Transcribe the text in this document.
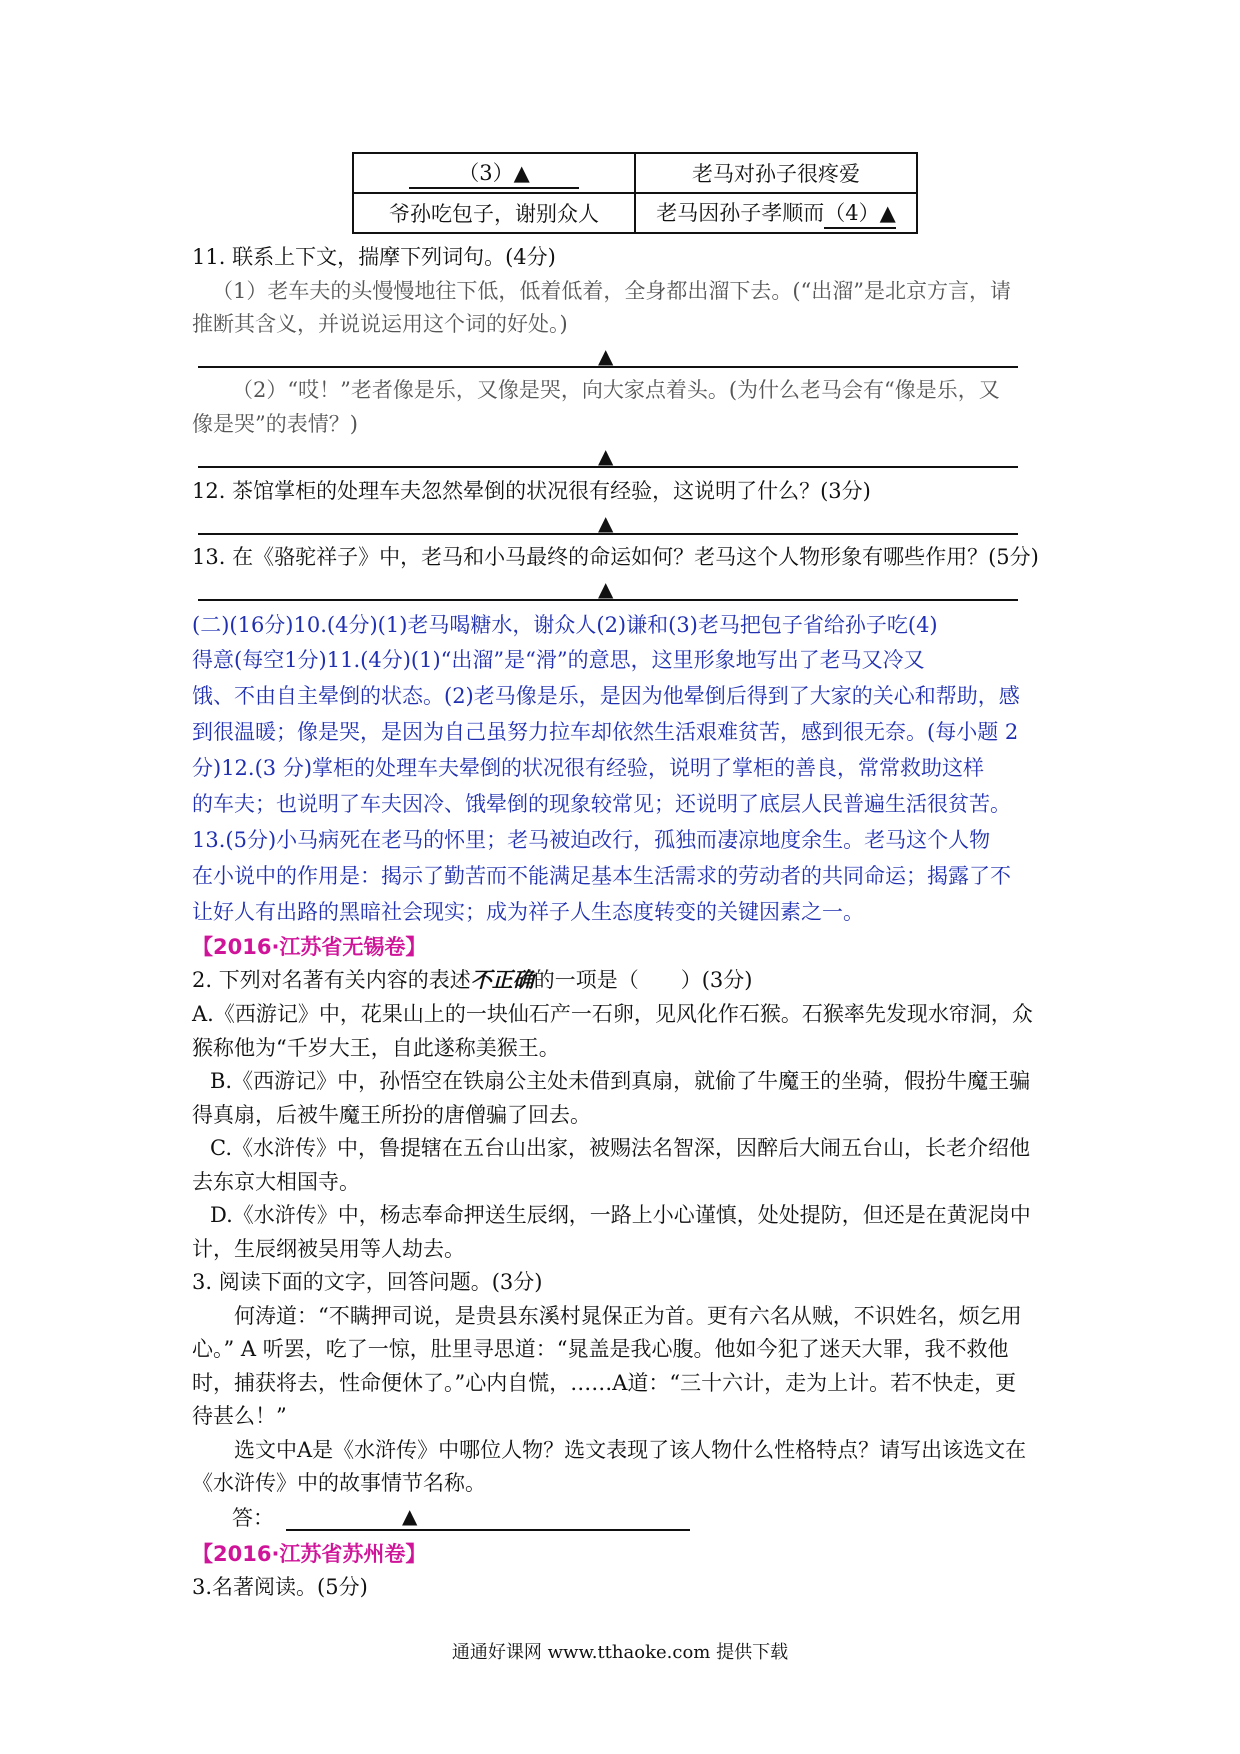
（3）▲	老马对孙子很疼爱
爷孙吃包子，谢别众人	老马因孙子孝顺而（4）▲
11. 联系上下文，揣摩下列词句。(4分)
（1）老车夫的头慢慢地往下低，低着低着，全身都出溜下去。(“出溜”是北京方言，请
推断其含义，并说说运用这个词的好处。)
▲
（2）“哎！”老者像是乐，又像是哭，向大家点着头。(为什么老马会有“像是乐，又
像是哭”的表情？)
▲
12. 茶馆掌柜的处理车夫忽然晕倒的状况很有经验，这说明了什么？(3分)
▲
13. 在《骆驼祥子》中，老马和小马最终的命运如何？老马这个人物形象有哪些作用？(5分)
▲
(二)(16分)10.(4分)(1)老马喝糖水，谢众人(2)谦和(3)老马把包子省给孙子吃(4)
得意(每空1分)11.(4分)(1)“出溜”是“滑”的意思，这里形象地写出了老马又冷又
饿、不由自主晕倒的状态。(2)老马像是乐，是因为他晕倒后得到了大家的关心和帮助，感
到很温暖；像是哭，是因为自己虽努力拉车却依然生活艰难贫苦，感到很无奈。(每小题 2
分)12.(3 分)掌柜的处理车夫晕倒的状况很有经验，说明了掌柜的善良，常常救助这样
的车夫；也说明了车夫因冷、饿晕倒的现象较常见；还说明了底层人民普遍生活很贫苦。
13.(5分)小马病死在老马的怀里；老马被迫改行，孤独而凄凉地度余生。老马这个人物
在小说中的作用是：揭示了勤苦而不能满足基本生活需求的劳动者的共同命运；揭露了不
让好人有出路的黑暗社会现实；成为祥子人生态度转变的关键因素之一。
【2016·江苏省无锡卷】
2. 下列对名著有关内容的表述不正确的一项是（　　）(3分)
A.《西游记》中，花果山上的一块仙石产一石卵，见风化作石猴。石猴率先发现水帘洞，众
猴称他为“千岁大王，自此遂称美猴王。
B.《西游记》中，孙悟空在铁扇公主处未借到真扇，就偷了牛魔王的坐骑，假扮牛魔王骗
得真扇，后被牛魔王所扮的唐僧骗了回去。
C.《水浒传》中，鲁提辖在五台山出家，被赐法名智深，因醉后大闹五台山，长老介绍他
去东京大相国寺。
D.《水浒传》中，杨志奉命押送生辰纲，一路上小心谨慎，处处提防，但还是在黄泥岗中
计，生辰纲被吴用等人劫去。
3. 阅读下面的文字，回答问题。(3分)
何涛道：“不瞒押司说，是贵县东溪村晁保正为首。更有六名从贼，不识姓名，烦乞用
心。” A 听罢，吃了一惊，肚里寻思道：“晁盖是我心腹。他如今犯了迷天大罪，我不救他
时，捕获将去，性命便休了。”心内自慌，……A道：“三十六计，走为上计。若不快走，更
待甚么！”
选文中A是《水浒传》中哪位人物？选文表现了该人物什么性格特点？请写出该选文在
《水浒传》中的故事情节名称。
答：	▲
【2016·江苏省苏州卷】
3.名著阅读。(5分)
通通好课网 www.tthaoke.com 提供下载
